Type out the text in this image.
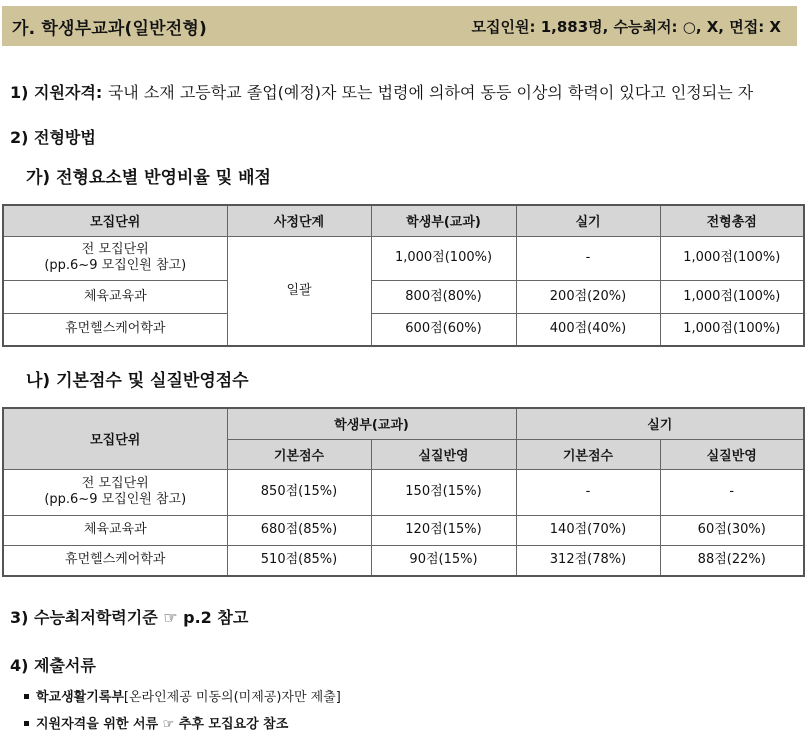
가. 학생부교과(일반전형)	모집인원: 1,883명, 수능최저: ○, X, 면접: X
1) 지원자격: 국내 소재 고등학교 졸업(예정)자 또는 법령에 의하여 동등 이상의 학력이 있다고 인정되는 자
2) 전형방법
가) 전형요소별 반영비율 및 배점
모집단위	사정단계	학생부(교과)	실기	전형총점

전 모집단위
(pp.6~9 모집인원 참고)	일괄	1,000점(100%)	-	1,000점(100%)
체육교육과		800점(80%)	200점(20%)	1,000점(100%)
휴먼헬스케어학과		600점(60%)	400점(40%)	1,000점(100%)
나) 기본점수 및 실질반영점수
모집단위	학생부(교과)		실기	
	기본점수	실질반영	기본점수	실질반영

전 모집단위
(pp.6~9 모집인원 참고)	850점(15%)	150점(15%)	-	-
체육교육과	680점(85%)	120점(15%)	140점(70%)	60점(30%)
휴먼헬스케어학과	510점(85%)	90점(15%)	312점(78%)	88점(22%)
3) 수능최저학력기준 ☞ p.2 참고
4) 제출서류
학교생활기록부[온라인제공 미동의(미제공)자만 제출]
지원자격을 위한 서류 ☞ 추후 모집요강 참조
